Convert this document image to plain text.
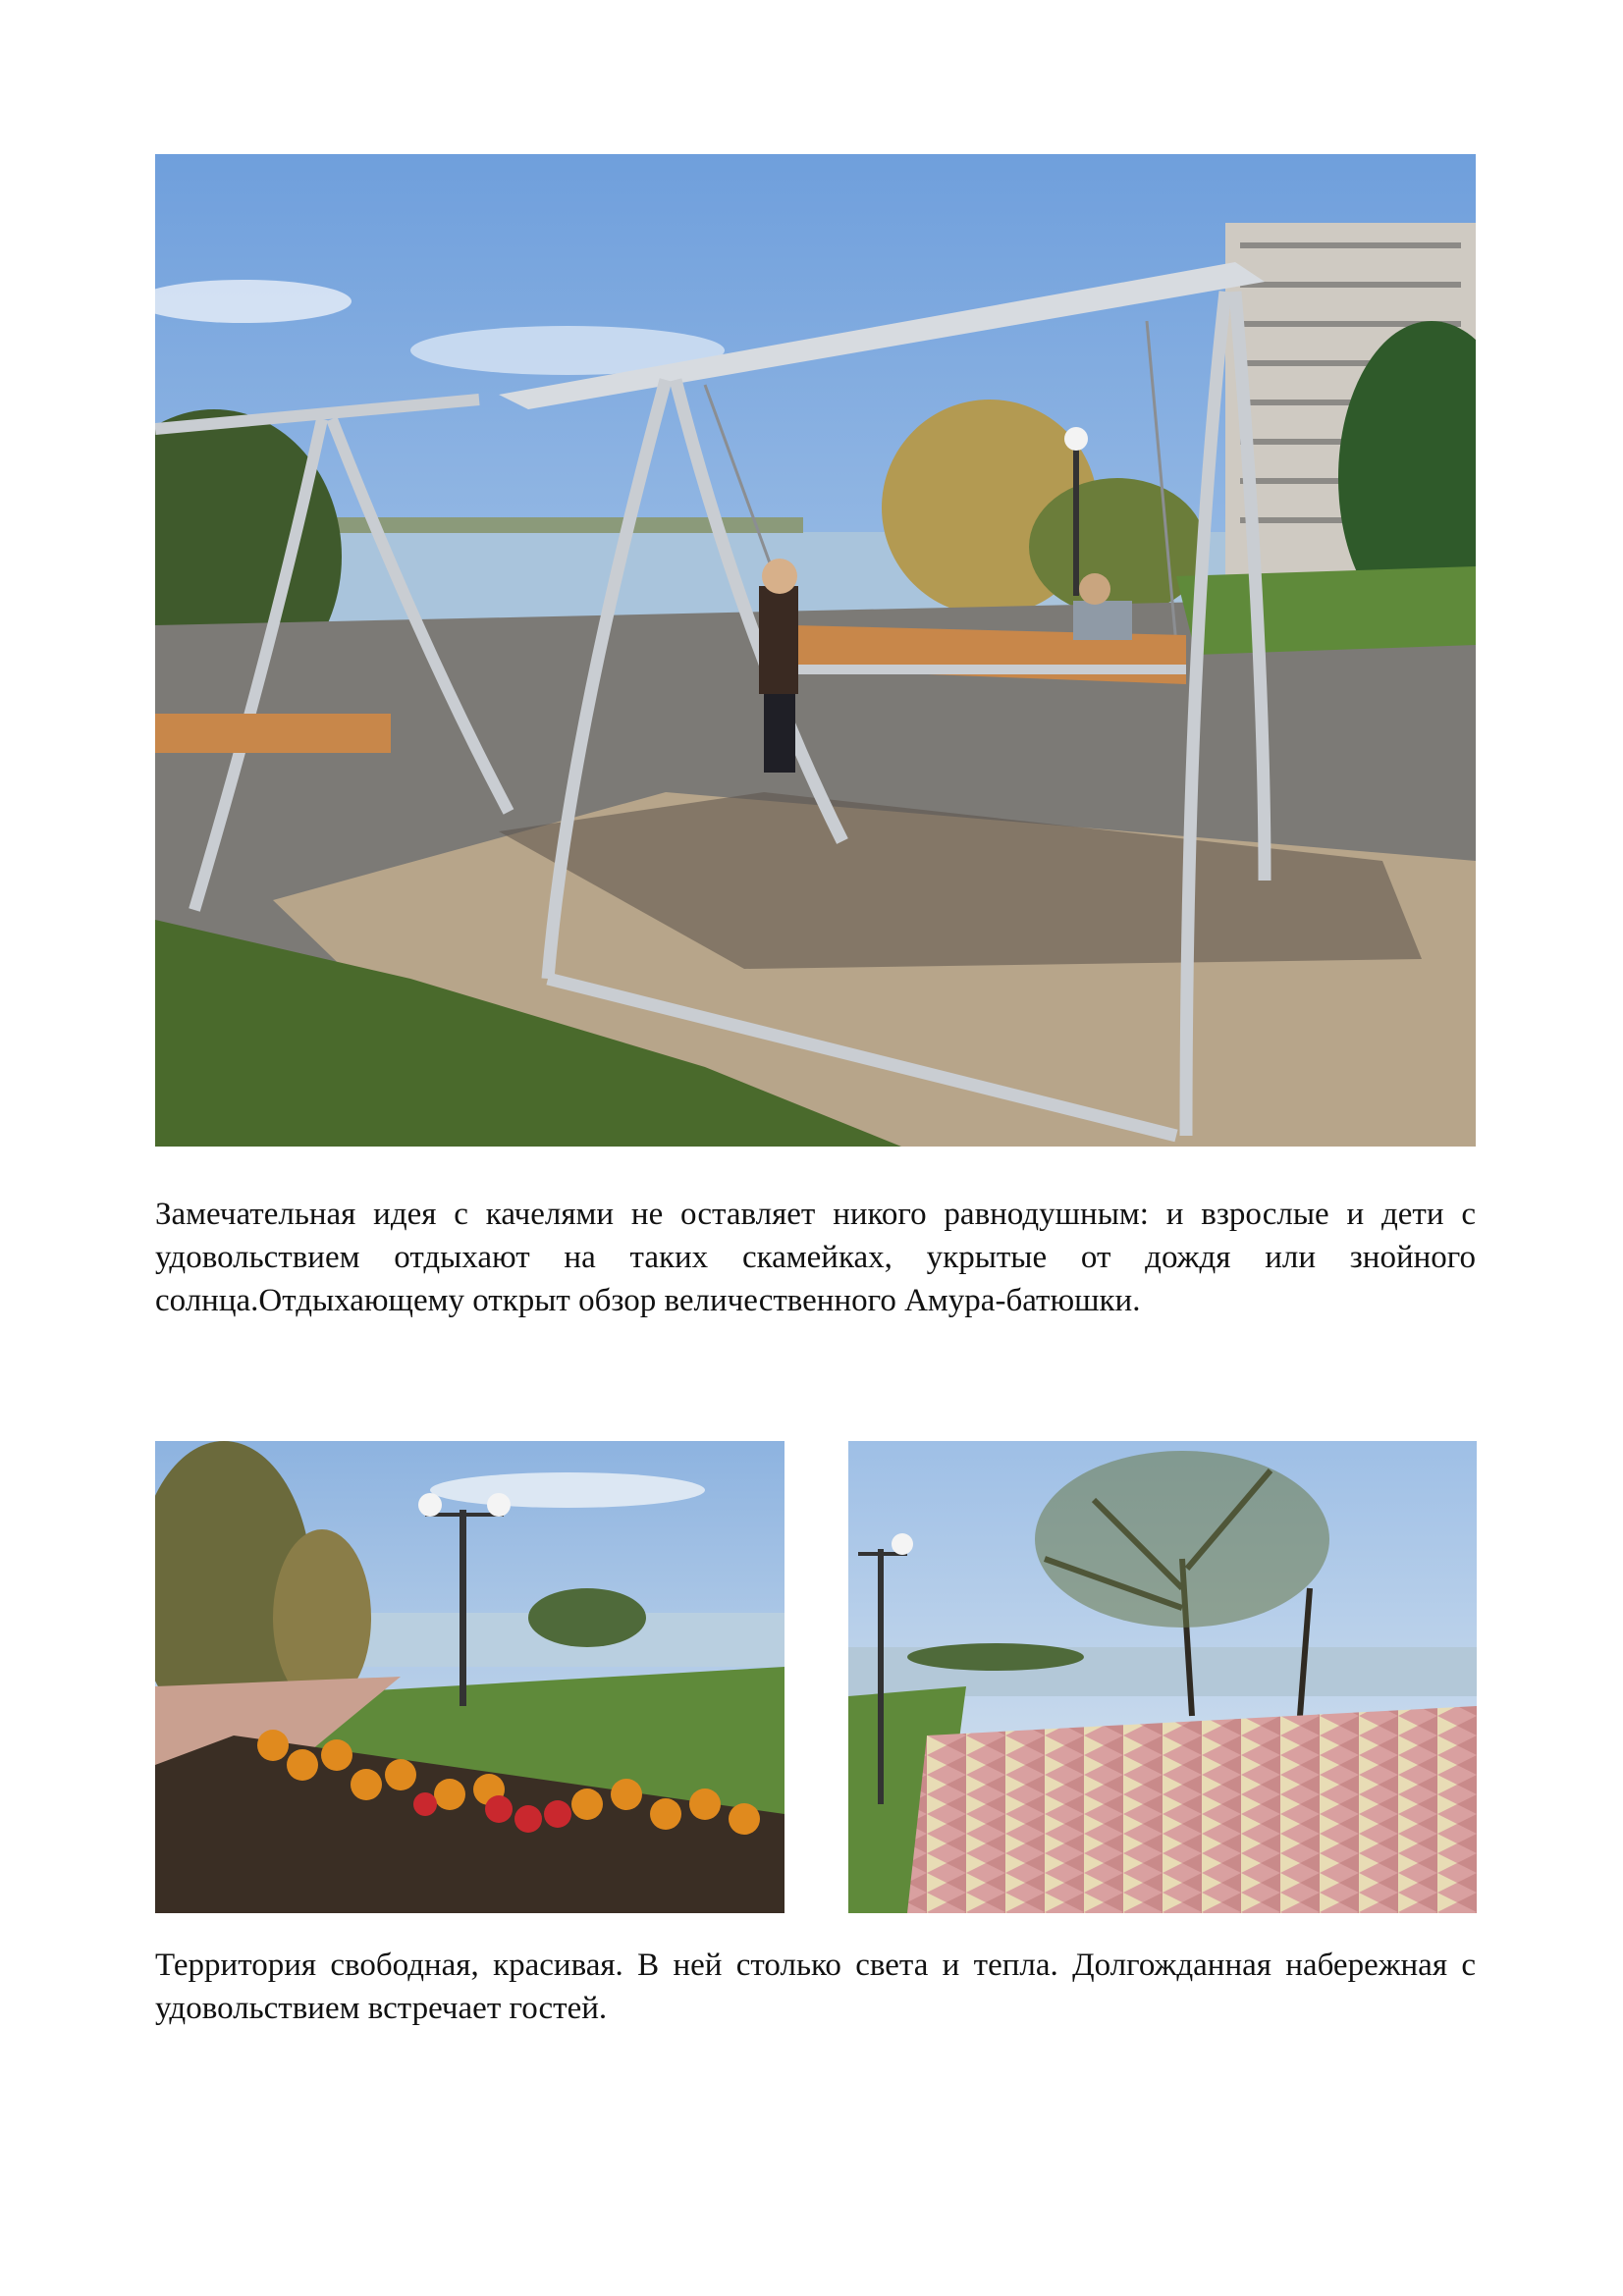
Замечательная идея с качелями не оставляет никого равнодушным: и взрослые и дети с удовольствием отдыхают на таких скамейках, укрытые от дождя или знойного солнца.Отдыхающему открыт обзор величественного Амура-батюшки.

Территория свободная, красивая. В ней столько света и тепла. Долгожданная набережная с удовольствием встречает гостей.
